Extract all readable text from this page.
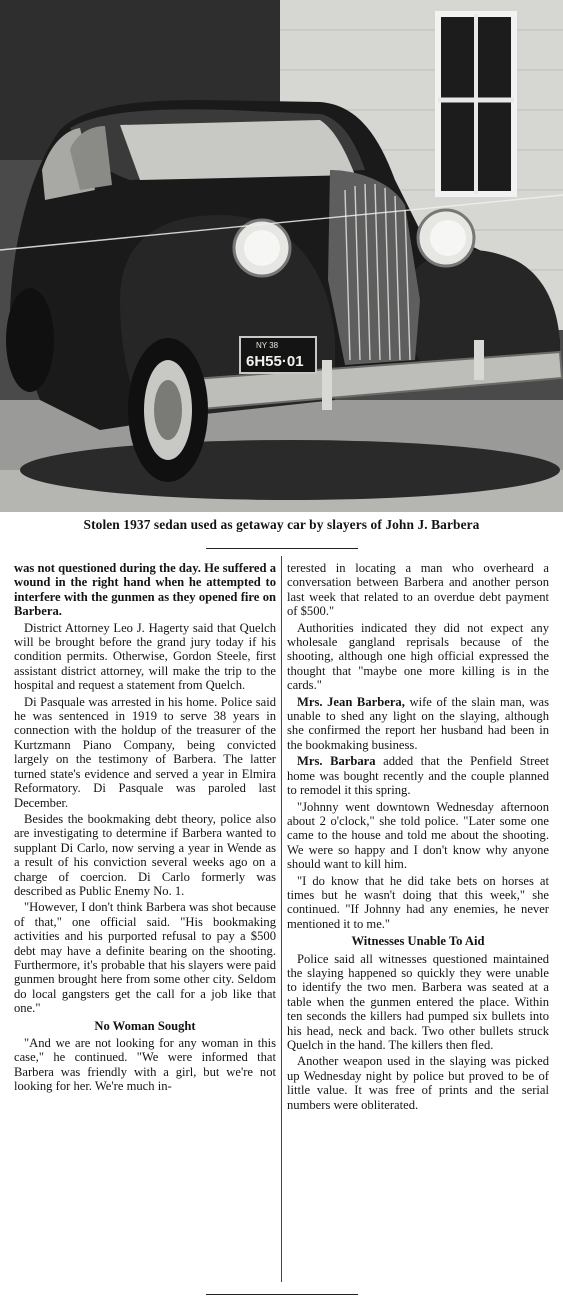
NY 38
6H55·01
Stolen 1937 sedan used as getaway car by slayers of John J. Barbera

was not questioned during the day. He suffered a wound in the right hand when he attempted to interfere with the gunmen as they opened fire on Barbera.

District Attorney Leo J. Hagerty said that Quelch will be brought before the grand jury today if his condition permits. Otherwise, Gordon Steele, first assistant district attorney, will make the trip to the hospital and request a statement from Quelch.

Di Pasquale was arrested in his home. Police said he was sentenced in 1919 to serve 38 years in connection with the holdup of the treasurer of the Kurtzmann Piano Company, being convicted largely on the testimony of Barbera. The latter turned state's evidence and served a year in Elmira Reformatory. Di Pasquale was paroled last December.

Besides the bookmaking debt theory, police also are investigating to determine if Barbera wanted to supplant Di Carlo, now serving a year in Wende as a result of his conviction several weeks ago on a charge of coercion. Di Carlo formerly was described as Public Enemy No. 1.

"However, I don't think Barbera was shot because of that," one official said. "His bookmaking activities and his purported refusal to pay a $500 debt may have a definite bearing on the shooting. Furthermore, it's probable that his slayers were paid gunmen brought here from some other city. Seldom do local gangsters get the call for a job like that one."

No Woman Sought

"And we are not looking for any woman in this case," he continued. "We were informed that Barbera was friendly with a girl, but we're not looking for her. We're much in-

terested in locating a man who overheard a conversation between Barbera and another person last week that related to an overdue debt payment of $500."

Authorities indicated they did not expect any wholesale gangland reprisals because of the shooting, although one high official expressed the thought that "maybe one more killing is in the cards."

Mrs. Jean Barbera, wife of the slain man, was unable to shed any light on the slaying, although she confirmed the report her husband had been in the bookmaking business.

Mrs. Barbara added that the Penfield Street home was bought recently and the couple planned to remodel it this spring.

"Johnny went downtown Wednesday afternoon about 2 o'clock," she told police. "Later some one came to the house and told me about the shooting. We were so happy and I don't know why anyone should want to kill him.

"I do know that he did take bets on horses at times but he wasn't doing that this week," she continued. "If Johnny had any enemies, he never mentioned it to me."

Witnesses Unable To Aid

Police said all witnesses questioned maintained the slaying happened so quickly they were unable to identify the two men. Barbera was seated at a table when the gunmen entered the place. Within ten seconds the killers had pumped six bullets into his head, neck and back. Two other bullets struck Quelch in the hand. The killers then fled.

Another weapon used in the slaying was picked up Wednesday night by police but proved to be of little value. It was free of prints and the serial numbers were obliterated.
